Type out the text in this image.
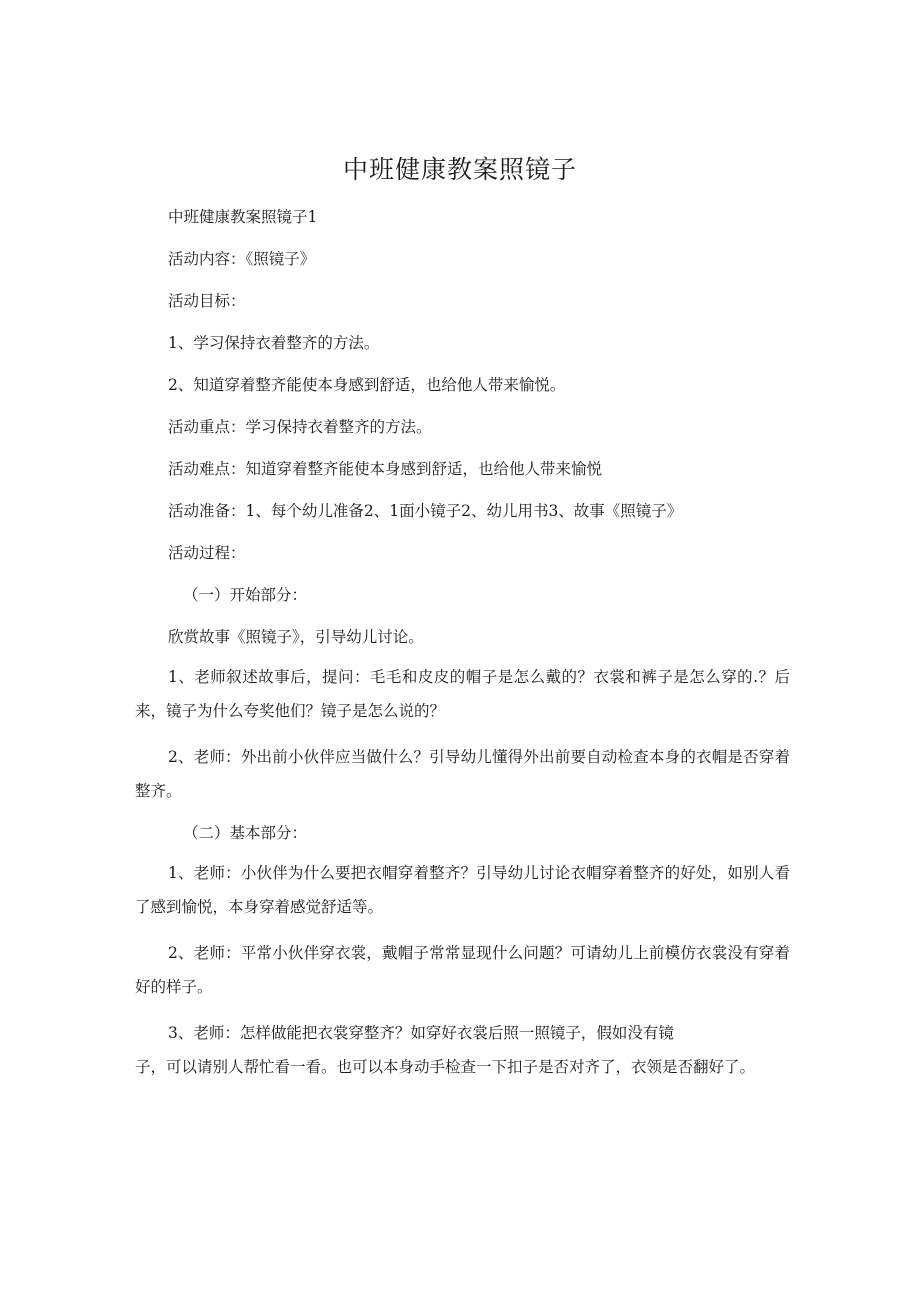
中班健康教案照镜子
中班健康教案照镜子1
活动内容：《照镜子》
活动目标：
1、学习保持衣着整齐的方法。
2、知道穿着整齐能使本身感到舒适，也给他人带来愉悦。
活动重点：学习保持衣着整齐的方法。
活动难点：知道穿着整齐能使本身感到舒适，也给他人带来愉悦
活动准备：1、每个幼儿准备2、1面小镜子2、幼儿用书3、故事《照镜子》
活动过程：
（一）开始部分：
欣赏故事《照镜子》，引导幼儿讨论。
1、老师叙述故事后，提问：毛毛和皮皮的帽子是怎么戴的？衣裳和裤子是怎么穿的.？后来，镜子为什么夸奖他们？镜子是怎么说的？
2、老师：外出前小伙伴应当做什么？引导幼儿懂得外出前要自动检查本身的衣帽是否穿着整齐。
（二）基本部分：
1、老师：小伙伴为什么要把衣帽穿着整齐？引导幼儿讨论衣帽穿着整齐的好处，如别人看了感到愉悦，本身穿着感觉舒适等。
2、老师：平常小伙伴穿衣裳，戴帽子常常显现什么问题？可请幼儿上前模仿衣裳没有穿着好的样子。
3、老师：怎样做能把衣裳穿整齐？如穿好衣裳后照一照镜子，假如没有镜
子，可以请别人帮忙看一看。也可以本身动手检查一下扣子是否对齐了，衣领是否翻好了。
